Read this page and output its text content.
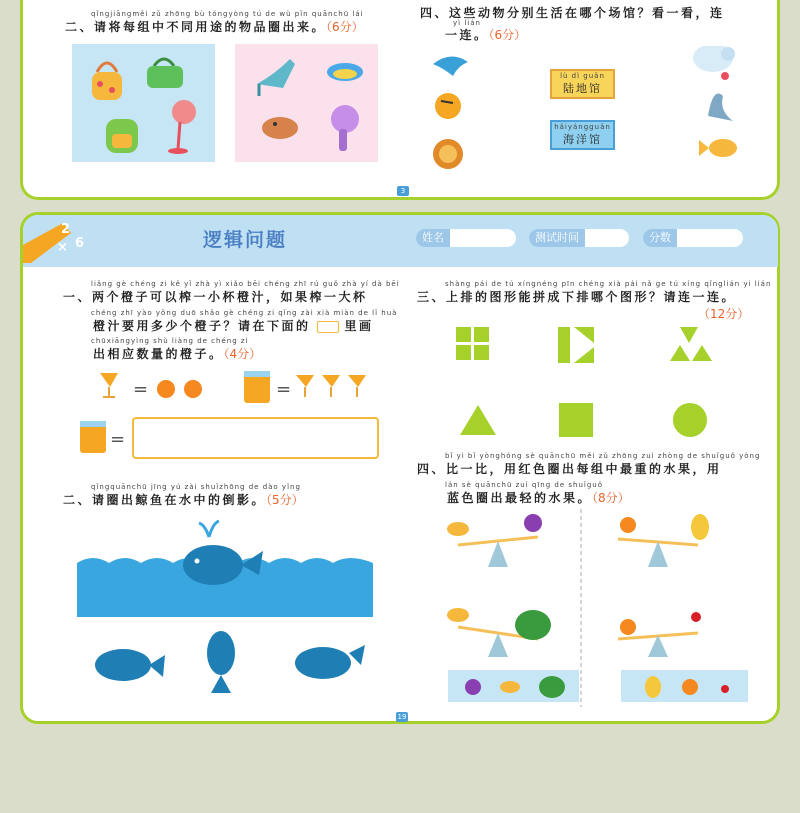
qǐngjiāngměi zǔ zhōng bù tóngyòng tú de wù pǐn quānchū lái
二、请将每组中不同用途的物品圈出来。（6分）
四、这些动物分别生活在哪个场馆？看一看，连
yì lián
一连。（6分）
lù dì guǎn
陆地馆
hǎiyángguǎn
海洋馆
3
2
6
×	逻辑问题	姓名	测试时间	分数
liǎng gè chéng zi kě yǐ zhà yì xiǎo bēi chéng zhī rú guǒ zhà yí dà bēi
一、两个橙子可以榨一小杯橙汁，如果榨一大杯
chéng zhī yào yǒng duō shǎo gè chéng zi qǐng zài xià miàn de lǐ huà
橙汁要用多少个橙子？请在下面的	里画
chūxiāngyìng shù liàng de chéng zi
出相应数量的橙子。（4分）
=	=
=
qǐngquānchū jīng yú zài shuǐzhōng de dào yǐng
二、请圈出鲸鱼在水中的倒影。（5分）
shàng pái de tú xíngnéng pīn chéng xià pái nǎ ge tú xíng qǐnglián yi lián
三、上排的图形能拼成下排哪个图形？请连一连。
（12分）
bǐ yi bǐ yònghóng sè quānchū měi zǔ zhōng zuì zhòng de shuǐguǒ yòng
四、比一比，用红色圈出每组中最重的水果，用
lán sè quānchū zuì qīng de shuǐguǒ
蓝色圈出最轻的水果。（8分）
19
